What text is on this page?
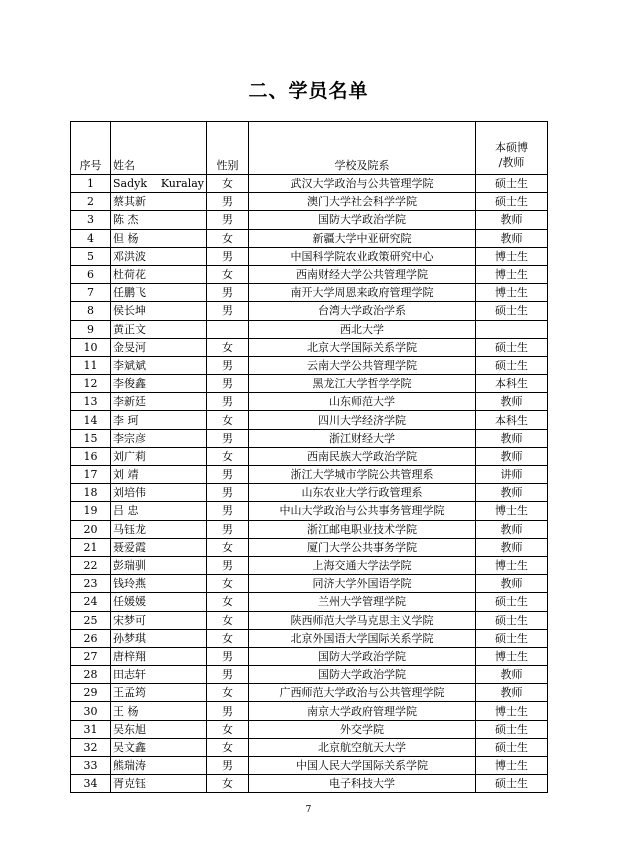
二、学员名单
序号	姓名	性别	学校及院系	本硕博
/教师
1	Sadyk Kuralay	女	武汉大学政治与公共管理学院	硕士生
2	蔡其新	男	澳门大学社会科学学院	硕士生
3	陈 杰	男	国防大学政治学院	教师
4	但 杨	女	新疆大学中亚研究院	教师
5	邓洪波	男	中国科学院农业政策研究中心	博士生
6	杜荷花	女	西南财经大学公共管理学院	博士生
7	任鹏飞	男	南开大学周恩来政府管理学院	博士生
8	侯长坤	男	台湾大学政治学系	硕士生
9	黄正文		西北大学	
10	金旻河	女	北京大学国际关系学院	硕士生
11	李斌斌	男	云南大学公共管理学院	硕士生
12	李俊鑫	男	黑龙江大学哲学学院	本科生
13	李新廷	男	山东师范大学	教师
14	李 珂	女	四川大学经济学院	本科生
15	李宗彦	男	浙江财经大学	教师
16	刘广莉	女	西南民族大学政治学院	教师
17	刘 靖	男	浙江大学城市学院公共管理系	讲师
18	刘培伟	男	山东农业大学行政管理系	教师
19	吕 忠	男	中山大学政治与公共事务管理学院	博士生
20	马钰龙	男	浙江邮电职业技术学院	教师
21	聂爱霞	女	厦门大学公共事务学院	教师
22	彭瑞驯	男	上海交通大学法学院	博士生
23	钱玲燕	女	同济大学外国语学院	教师
24	任媛媛	女	兰州大学管理学院	硕士生
25	宋梦可	女	陕西师范大学马克思主义学院	硕士生
26	孙梦琪	女	北京外国语大学国际关系学院	硕士生
27	唐梓翔	男	国防大学政治学院	博士生
28	田志轩	男	国防大学政治学院	教师
29	王孟筠	女	广西师范大学政治与公共管理学院	教师
30	王 杨	男	南京大学政府管理学院	博士生
31	吴东旭	女	外交学院	硕士生
32	吴文鑫	女	北京航空航天大学	硕士生
33	熊瑞涛	男	中国人民大学国际关系学院	博士生
34	胥克钰	女	电子科技大学	硕士生
7
